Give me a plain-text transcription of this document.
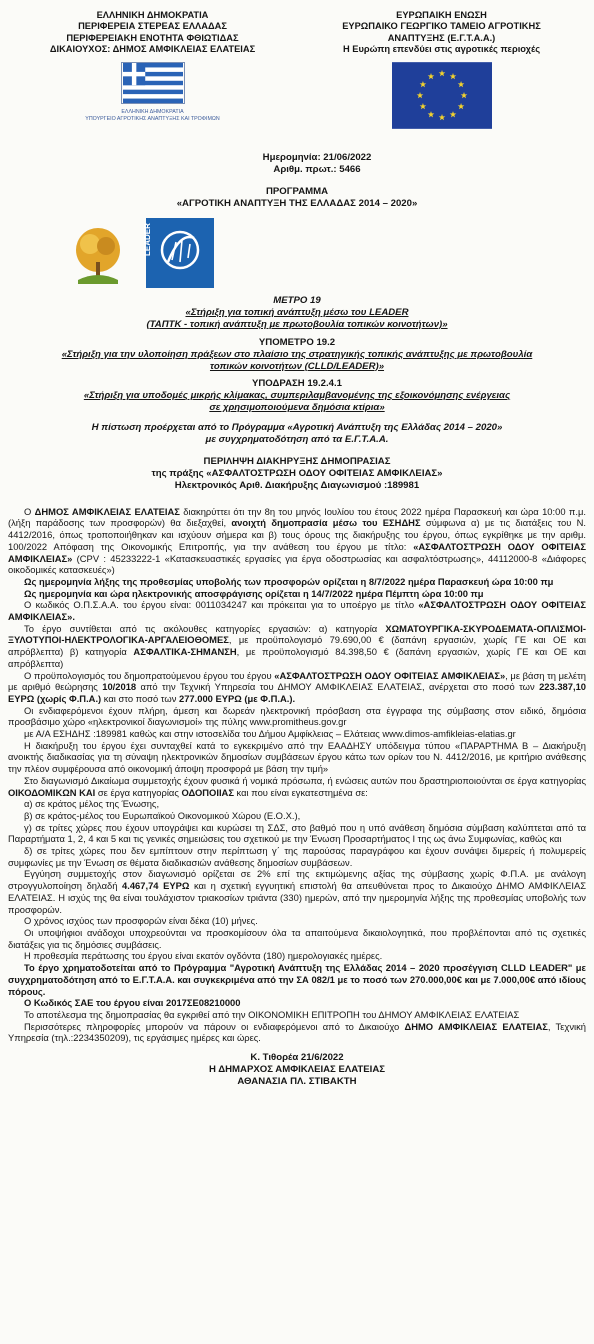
ΕΛΛΗΝΙΚΗ ΔΗΜΟΚΡΑΤΙΑ
ΠΕΡΙΦΕΡΕΙΑ ΣΤΕΡΕΑΣ ΕΛΛΑΔΑΣ
ΠΕΡΙΦΕΡΕΙΑΚΗ ΕΝΟΤΗΤΑ ΦΘΙΩΤΙΔΑΣ
ΔΙΚΑΙΟΥΧΟΣ: ΔΗΜΟΣ ΑΜΦΙΚΛΕΙΑΣ ΕΛΑΤΕΙΑΣ
ΕΛΛΗΝΙΚΗ ΔΗΜΟΚΡΑΤΙΑ
ΥΠΟΥΡΓΕΙΟ ΑΓΡΟΤΙΚΗΣ ΑΝΑΠΤΥΞΗΣ ΚΑΙ ΤΡΟΦΙΜΩΝ
ΕΥΡΩΠΑΙΚΗ ΕΝΩΣΗ
ΕΥΡΩΠΑΙΚΟ ΓΕΩΡΓΙΚΟ ΤΑΜΕΙΟ ΑΓΡΟΤΙΚΗΣ
ΑΝΑΠΤΥΞΗΣ (Ε.Γ.Τ.Α.Α.)
Η Ευρώπη επενδύει στις αγροτικές περιοχές
Ημερομηνία: 21/06/2022
Αριθμ. πρωτ.: 5466
ΠΡΟΓΡΑΜΜΑ
«ΑΓΡΟΤΙΚΗ ΑΝΑΠΤΥΞΗ ΤΗΣ ΕΛΛΑΔΑΣ 2014 – 2020»
LEADER
ΜΕΤΡΟ 19
«Στήριξη για τοπική ανάπτυξη μέσω του LEADER
(ΤΑΠΤΚ - τοπική ανάπτυξη με πρωτοβουλία τοπικών κοινοτήτων)»
ΥΠΟΜΕΤΡΟ 19.2
«Στήριξη για την υλοποίηση πράξεων στο πλαίσιο της στρατηγικής τοπικής ανάπτυξης με πρωτοβουλία
τοπικών κοινοτήτων (CLLD/LEADER)»
ΥΠΟΔΡΑΣΗ 19.2.4.1
«Στήριξη για υποδομές μικρής κλίμακας, συμπεριλαμβανομένης της εξοικονόμησης ενέργειας
σε χρησιμοποιούμενα δημόσια κτίρια»
Η πίστωση προέρχεται από το Πρόγραμμα «Αγροτική Ανάπτυξη της Ελλάδας 2014 – 2020»
με συγχρηματοδότηση από τα Ε.Γ.Τ.Α.Α.
ΠΕΡΙΛΗΨΗ ΔΙΑΚΗΡΥΞΗΣ ΔΗΜΟΠΡΑΣΙΑΣ
της πράξης «ΑΣΦΑΛΤΟΣΤΡΩΣΗ ΟΔΟΥ ΟΦΙΤΕΙΑΣ ΑΜΦΙΚΛΕΙΑΣ»
Ηλεκτρονικός Αριθ. Διακήρυξης Διαγωνισμού :189981

Ο ΔΗΜΟΣ ΑΜΦΙΚΛΕΙΑΣ ΕΛΑΤΕΙΑΣ διακηρύττει ότι την 8η του μηνός Ιουλίου του έτους 2022 ημέρα Παρασκευή και ώρα 10:00 π.μ. (λήξη παράδοσης των προσφορών) θα διεξαχθεί, ανοιχτή δημοπρασία μέσω του ΕΣΗΔΗΣ σύμφωνα α) με τις διατάξεις του Ν. 4412/2016, όπως τροποποιήθηκαν και ισχύουν σήμερα και β) τους όρους της διακήρυξης του έργου, όπως εγκρίθηκε με την αριθμ. 100/2022 Απόφαση της Οικονομικής Επιτροπής, για την ανάθεση του έργου με τίτλο: «ΑΣΦΑΛΤΟΣΤΡΩΣΗ ΟΔΟΥ ΟΦΙΤΕΙΑΣ ΑΜΦΙΚΛΕΙΑΣ» (CPV : 45233222-1 «Κατασκευαστικές εργασίες για έργα οδοστρωσίας και ασφαλτόστρωσης», 44112000-8 «Διάφορες οικοδομικές κατασκευές»)

Ως ημερομηνία λήξης της προθεσμίας υποβολής των προσφορών ορίζεται η 8/7/2022 ημέρα Παρασκευή ώρα 10:00 πμ

Ως ημερομηνία και ώρα ηλεκτρονικής αποσφράγισης ορίζεται η 14/7/2022 ημέρα Πέμπτη ώρα 10:00 πμ

Ο κωδικός Ο.Π.Σ.Α.Α. του έργου είναι: 0011034247 και πρόκειται για το υποέργο με τίτλο «ΑΣΦΑΛΤΟΣΤΡΩΣΗ ΟΔΟΥ ΟΦΙΤΕΙΑΣ ΑΜΦΙΚΛΕΙΑΣ».

Το έργο συντίθεται από τις ακόλουθες κατηγορίες εργασιών: α) κατηγορία ΧΩΜΑΤΟΥΡΓΙΚΑ-ΣΚΥΡΟΔΕΜΑΤΑ-ΟΠΛΙΣΜΟΙ-ΞΥΛΟΤΥΠΟΙ-ΗΛΕΚΤΡΟΛΟΓΙΚΑ-ΑΡΓΑΛΕΙΟΘΟΜΕΣ, με προϋπολογισμό 79.690,00 € (δαπάνη εργασιών, χωρίς ΓΕ και ΟΕ και απρόβλεπτα) β) κατηγορία ΑΣΦΑΛΤΙΚΑ-ΣΗΜΑΝΣΗ, με προϋπολογισμό 84.398,50 € (δαπάνη εργασιών, χωρίς ΓΕ και ΟΕ και απρόβλεπτα)

Ο προϋπολογισμός του δημοπρατούμενου έργου του έργου «ΑΣΦΑΛΤΟΣΤΡΩΣΗ ΟΔΟΥ ΟΦΙΤΕΙΑΣ ΑΜΦΙΚΛΕΙΑΣ», με βάση τη μελέτη με αριθμό θεώρησης 10/2018 από την Τεχνική Υπηρεσία του ΔΗΜΟΥ ΑΜΦΙΚΛΕΙΑΣ ΕΛΑΤΕΙΑΣ, ανέρχεται στο ποσό των 223.387,10 ΕΥΡΩ (χωρίς Φ.Π.Α.) και στο ποσό των 277.000 ΕΥΡΩ (με Φ.Π.Α.).

Οι ενδιαφερόμενοι έχουν πλήρη, άμεση και δωρεάν ηλεκτρονική πρόσβαση στα έγγραφα της σύμβασης στον ειδικό, δημόσια προσβάσιμο χώρο «ηλεκτρονικοί διαγωνισμοί» της πύλης www.promitheus.gov.gr

με Α/Α ΕΣΗΔΗΣ :189981 καθώς και στην ιστοσελίδα του Δήμου Αμφίκλειας – Ελάτειας www.dimos-amfikleias-elatias.gr

Η διακήρυξη του έργου έχει συνταχθεί κατά το εγκεκριμένο από την ΕΑΑΔΗΣΥ υπόδειγμα τύπου «ΠΑΡΑΡΤΗΜΑ Β – Διακήρυξη ανοικτής διαδικασίας για τη σύναψη ηλεκτρονικών δημοσίων συμβάσεων έργου κάτω των ορίων του Ν. 4412/2016, με κριτήριο ανάθεσης την πλέον συμφέρουσα από οικονομική άποψη προσφορά με βάση την τιμή»

Στο διαγωνισμό Δικαίωμα συμμετοχής έχουν φυσικά ή νομικά πρόσωπα, ή ενώσεις αυτών που δραστηριοποιούνται σε έργα κατηγορίας ΟΙΚΟΔΟΜΙΚΩΝ ΚΑΙ σε έργα κατηγορίας ΟΔΟΠΟΙΙΑΣ και που είναι εγκατεστημένα σε:

α) σε κράτος μέλος της Ένωσης,

β) σε κράτος-μέλος του Ευρωπαϊκού Οικονομικού Χώρου (Ε.Ο.Χ.),

γ) σε τρίτες χώρες που έχουν υπογράψει και κυρώσει τη ΣΔΣ, στο βαθμό που η υπό ανάθεση δημόσια σύμβαση καλύπτεται από τα Παραρτήματα 1, 2, 4 και 5 και τις γενικές σημειώσεις του σχετικού με την Ένωση Προσαρτήματος Ι της ως άνω Συμφωνίας, καθώς και

δ) σε τρίτες χώρες που δεν εμπίπτουν στην περίπτωση γ΄ της παρούσας παραγράφου και έχουν συνάψει διμερείς ή πολυμερείς συμφωνίες με την Ένωση σε θέματα διαδικασιών ανάθεσης δημοσίων συμβάσεων.

Εγγύηση συμμετοχής στον διαγωνισμό ορίζεται σε 2% επί της εκτιμώμενης αξίας της σύμβασης χωρίς Φ.Π.Α. με ανάλογη στρογγυλοποίηση δηλαδή 4.467,74 ΕΥΡΩ και η σχετική εγγυητική επιστολή θα απευθύνεται προς το Δικαιούχο ΔΗΜΟ ΑΜΦΙΚΛΕΙΑΣ ΕΛΑΤΕΙΑΣ. Η ισχύς της θα είναι τουλάχιστον τριακοσίων τριάντα (330) ημερών, από την ημερομηνία λήξης της προθεσμίας υποβολής των προσφορών.

Ο χρόνος ισχύος των προσφορών είναι δέκα (10) μήνες.

Οι υποψήφιοι ανάδοχοι υποχρεούνται να προσκομίσουν όλα τα απαιτούμενα δικαιολογητικά, που προβλέπονται από τις σχετικές διατάξεις για τις δημόσιες συμβάσεις.

Η προθεσμία περάτωσης του έργου είναι εκατόν ογδόντα (180) ημερολογιακές ημέρες.

Το έργο χρηματοδοτείται από το Πρόγραμμα "Αγροτική Ανάπτυξη της Ελλάδας 2014 – 2020 προσέγγιση CLLD LEADER" με συγχρηματοδότηση από το Ε.Γ.Τ.Α.Α. και συγκεκριμένα από την ΣΑ 082/1 με το ποσό των 270.000,00€ και με 7.000,00€ από ιδίους πόρους.

Ο Κωδικός ΣΑΕ του έργου είναι 2017ΣΕ08210000

Το αποτέλεσμα της δημοπρασίας θα εγκριθεί από την ΟΙΚΟΝΟΜΙΚΗ ΕΠΙΤΡΟΠΗ του ΔΗΜΟΥ ΑΜΦΙΚΛΕΙΑΣ ΕΛΑΤΕΙΑΣ

Περισσότερες πληροφορίες μπορούν να πάρουν οι ενδιαφερόμενοι από το Δικαιούχο ΔΗΜΟ ΑΜΦΙΚΛΕΙΑΣ ΕΛΑΤΕΙΑΣ, Τεχνική Υπηρεσία (τηλ.:2234350209), τις εργάσιμες ημέρες και ώρες.

Κ. Τιθορέα 21/6/2022
Η ΔΗΜΑΡΧΟΣ ΑΜΦΙΚΛΕΙΑΣ ΕΛΑΤΕΙΑΣ
ΑΘΑΝΑΣΙΑ ΠΛ. ΣΤΙΒΑΚΤΗ
